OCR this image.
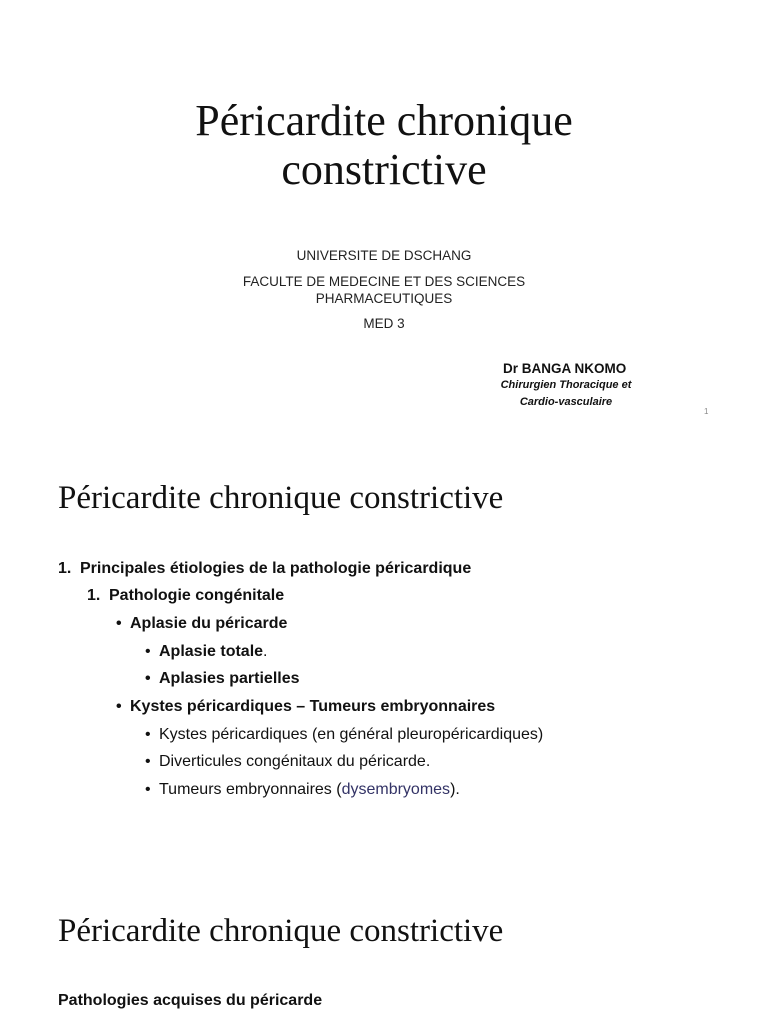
Péricardite chronique
constrictive
UNIVERSITE DE DSCHANG
FACULTE DE MEDECINE ET DES SCIENCES
PHARMACEUTIQUES
MED 3
Dr BANGA NKOMO
Chirurgien Thoracique et
Cardio-vasculaire
1
Péricardite chronique constrictive
1. Principales étiologies de la pathologie péricardique
1. Pathologie congénitale
• Aplasie du péricarde
• Aplasie totale.
• Aplasies partielles
• Kystes péricardiques – Tumeurs embryonnaires
• Kystes péricardiques (en général pleuropéricardiques)
• Diverticules congénitaux du péricarde.
• Tumeurs embryonnaires (dysembryomes).
Péricardite chronique constrictive
Pathologies acquises du péricarde
